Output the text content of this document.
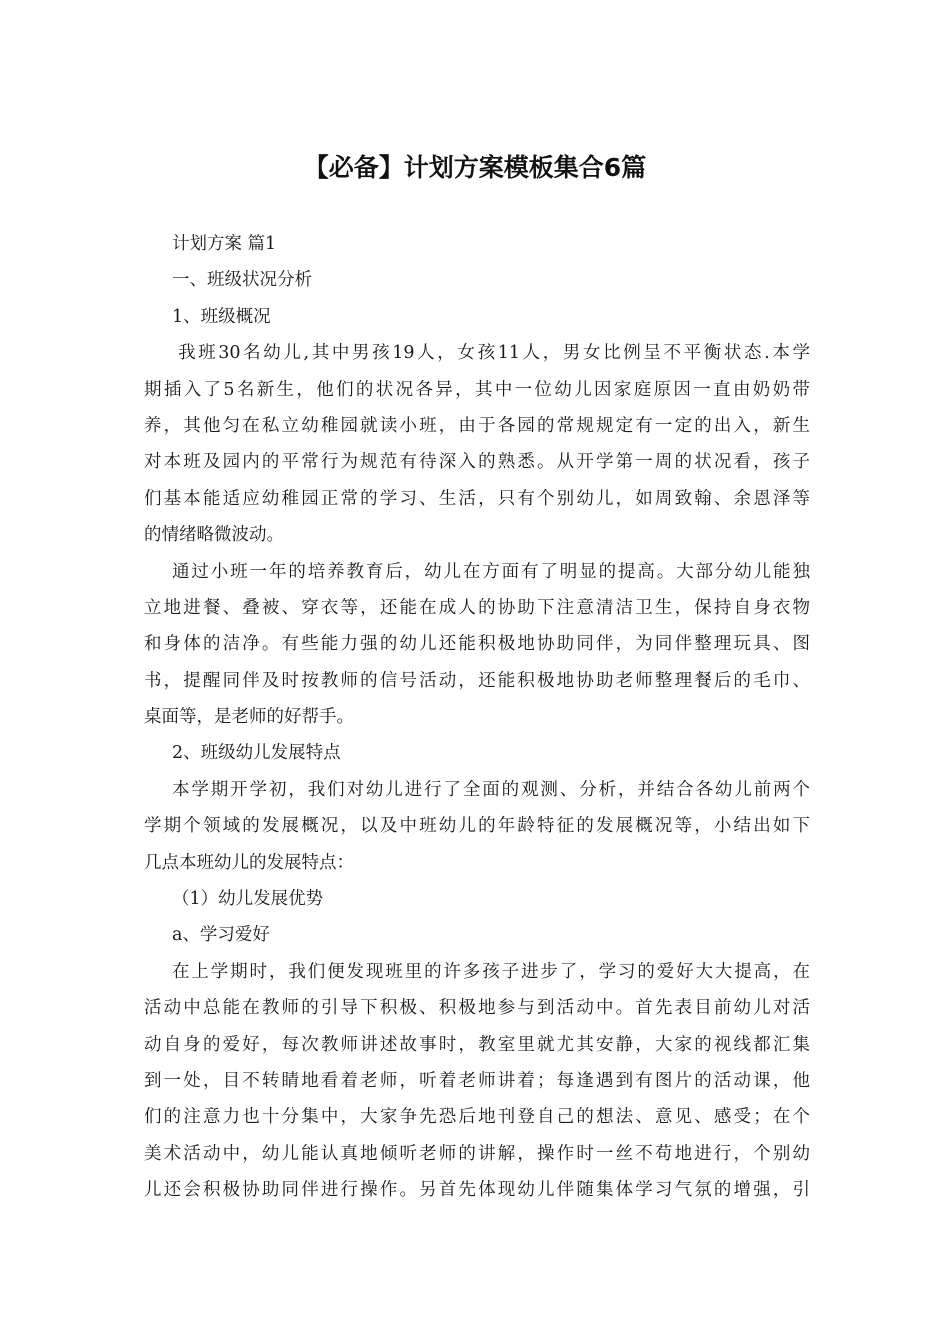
【必备】计划方案模板集合6篇
计划方案 篇1
一、班级状况分析
1、班级概况
我班30名幼儿,其中男孩19人，女孩11人，男女比例呈不平衡状态.本学
期插入了5名新生，他们的状况各异，其中一位幼儿因家庭原因一直由奶奶带
养，其他匀在私立幼稚园就读小班，由于各园的常规规定有一定的出入，新生
对本班及园内的平常行为规范有待深入的熟悉。从开学第一周的状况看，孩子
们基本能适应幼稚园正常的学习、生活，只有个别幼儿，如周致翰、余恩泽等
的情绪略微波动。
通过小班一年的培养教育后，幼儿在方面有了明显的提高。大部分幼儿能独
立地进餐、叠被、穿衣等，还能在成人的协助下注意清洁卫生，保持自身衣物
和身体的洁净。有些能力强的幼儿还能积极地协助同伴，为同伴整理玩具、图
书，提醒同伴及时按教师的信号活动，还能积极地协助老师整理餐后的毛巾、
桌面等，是老师的好帮手。
2、班级幼儿发展特点
本学期开学初，我们对幼儿进行了全面的观测、分析，并结合各幼儿前两个
学期个领域的发展概况，以及中班幼儿的年龄特征的发展概况等，小结出如下
几点本班幼儿的发展特点：
（1）幼儿发展优势
a、学习爱好
在上学期时，我们便发现班里的许多孩子进步了，学习的爱好大大提高，在
活动中总能在教师的引导下积极、积极地参与到活动中。首先表目前幼儿对活
动自身的爱好，每次教师讲述故事时，教室里就尤其安静，大家的视线都汇集
到一处，目不转睛地看着老师，听着老师讲着；每逢遇到有图片的活动课，他
们的注意力也十分集中，大家争先恐后地刊登自己的想法、意见、感受；在个
美术活动中，幼儿能认真地倾听老师的讲解，操作时一丝不苟地进行，个别幼
儿还会积极协助同伴进行操作。另首先体现幼儿伴随集体学习气氛的增强，引
